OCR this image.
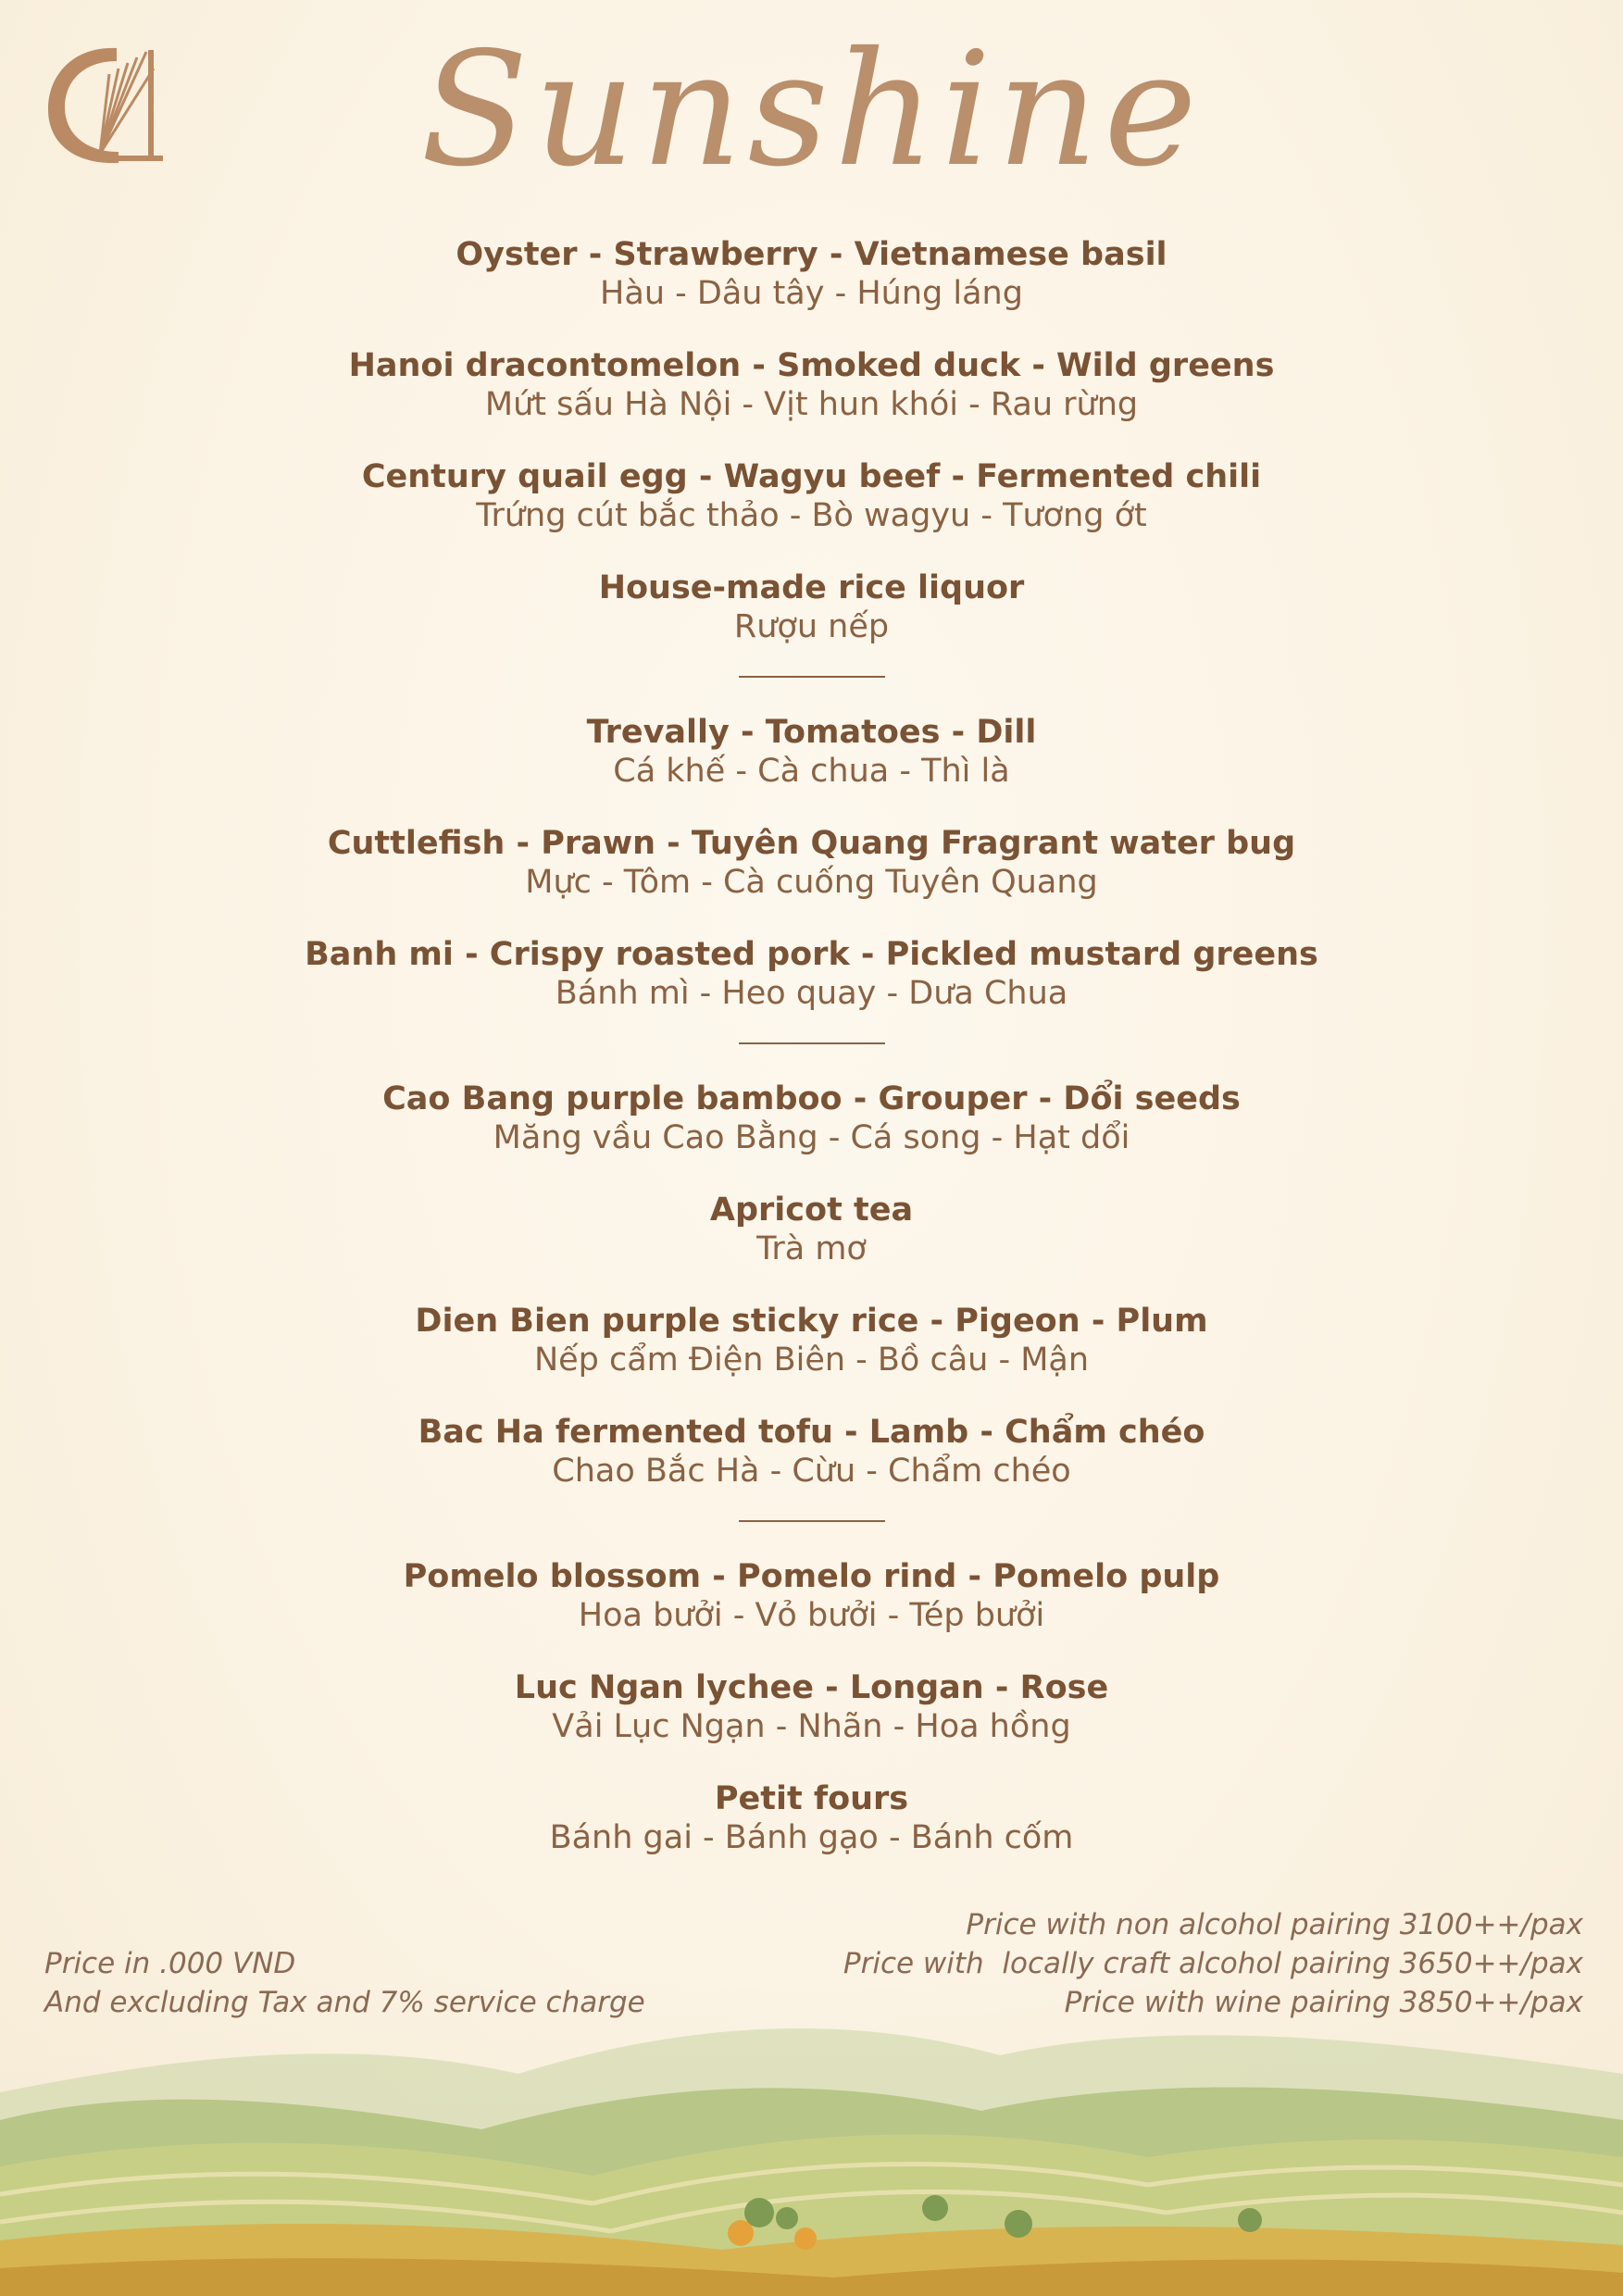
Sunshine
Oyster - Strawberry - Vietnamese basil
Hàu - Dâu tây - Húng láng
Hanoi dracontomelon - Smoked duck - Wild greens
Mứt sấu Hà Nội - Vịt hun khói - Rau rừng
Century quail egg - Wagyu beef - Fermented chili
Trứng cút bắc thảo - Bò wagyu - Tương ớt
House-made rice liquor
Rượu nếp
Trevally - Tomatoes - Dill
Cá khế - Cà chua - Thì là
Cuttlefish - Prawn - Tuyên Quang Fragrant water bug
Mực - Tôm - Cà cuống Tuyên Quang
Banh mi - Crispy roasted pork - Pickled mustard greens
Bánh mì - Heo quay - Dưa Chua
Cao Bang purple bamboo - Grouper - Dổi seeds
Măng vầu Cao Bằng - Cá song - Hạt dổi
Apricot tea
Trà mơ
Dien Bien purple sticky rice - Pigeon - Plum
Nếp cẩm Điện Biên - Bồ câu - Mận
Bac Ha fermented tofu - Lamb - Chẩm chéo
Chao Bắc Hà - Cừu - Chẩm chéo
Pomelo blossom - Pomelo rind - Pomelo pulp
Hoa bưởi - Vỏ bưởi - Tép bưởi
Luc Ngan lychee - Longan - Rose
Vải Lục Ngạn - Nhãn - Hoa hồng
Petit fours
Bánh gai - Bánh gạo - Bánh cốm
Price in .000 VND
And excluding Tax and 7% service charge
Price with non alcohol pairing 3100++/pax
Price with  locally craft alcohol pairing 3650++/pax
Price with wine pairing 3850++/pax
